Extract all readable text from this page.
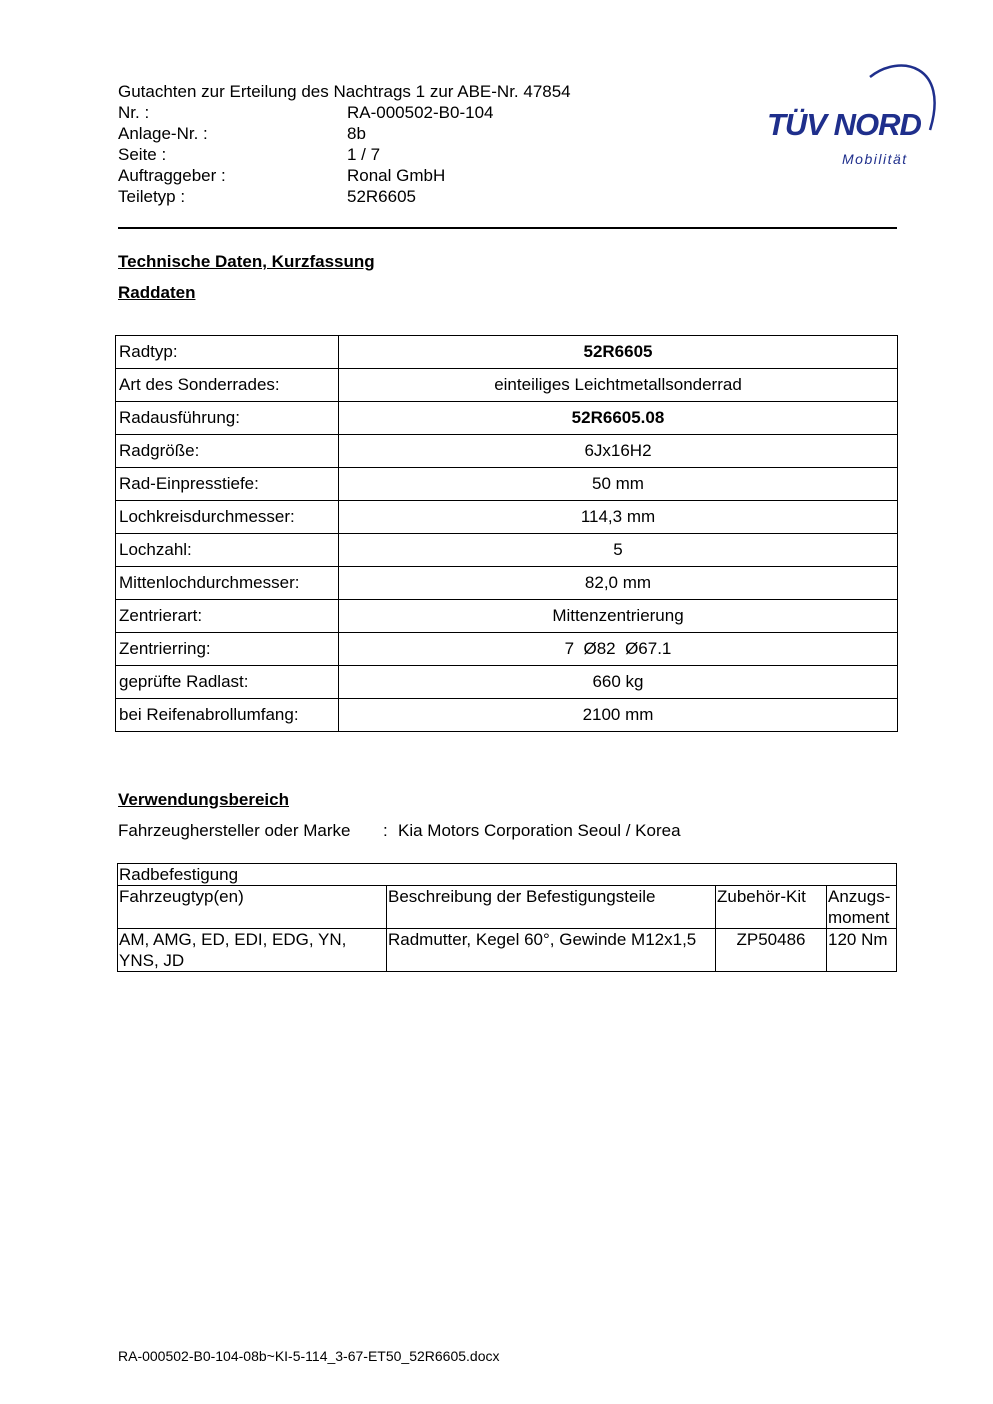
Gutachten zur Erteilung des Nachtrags 1 zur ABE-Nr. 47854
Nr. :	RA-000502-B0-104
Anlage-Nr. :	8b
Seite :	1 / 7
Auftraggeber :	Ronal GmbH
Teiletyp :	52R6605
TÜV NORD
Mobilität
Technische Daten, Kurzfassung
Raddaten
Radtyp:	52R6605
Art des Sonderrades:	einteiliges Leichtmetallsonderrad
Radausführung:	52R6605.08
Radgröße:	6Jx16H2
Rad-Einpresstiefe:	50 mm
Lochkreisdurchmesser:	114,3 mm
Lochzahl:	5
Mittenlochdurchmesser:	82,0 mm
Zentrierart:	Mittenzentrierung
Zentrierring:	7  Ø82  Ø67.1
geprüfte Radlast:	660 kg
bei Reifenabrollumfang:	2100 mm
Verwendungsbereich
Fahrzeughersteller oder Marke : Kia Motors Corporation Seoul / Korea
Radbefestigung			
Fahrzeugtyp(en)	Beschreibung der Befestigungsteile	Zubehör-Kit	Anzugs-
moment
AM, AMG, ED, EDI, EDG, YN, YNS, JD	Radmutter, Kegel 60°, Gewinde M12x1,5	ZP50486	120 Nm
RA-000502-B0-104-08b~KI-5-114_3-67-ET50_52R6605.docx
